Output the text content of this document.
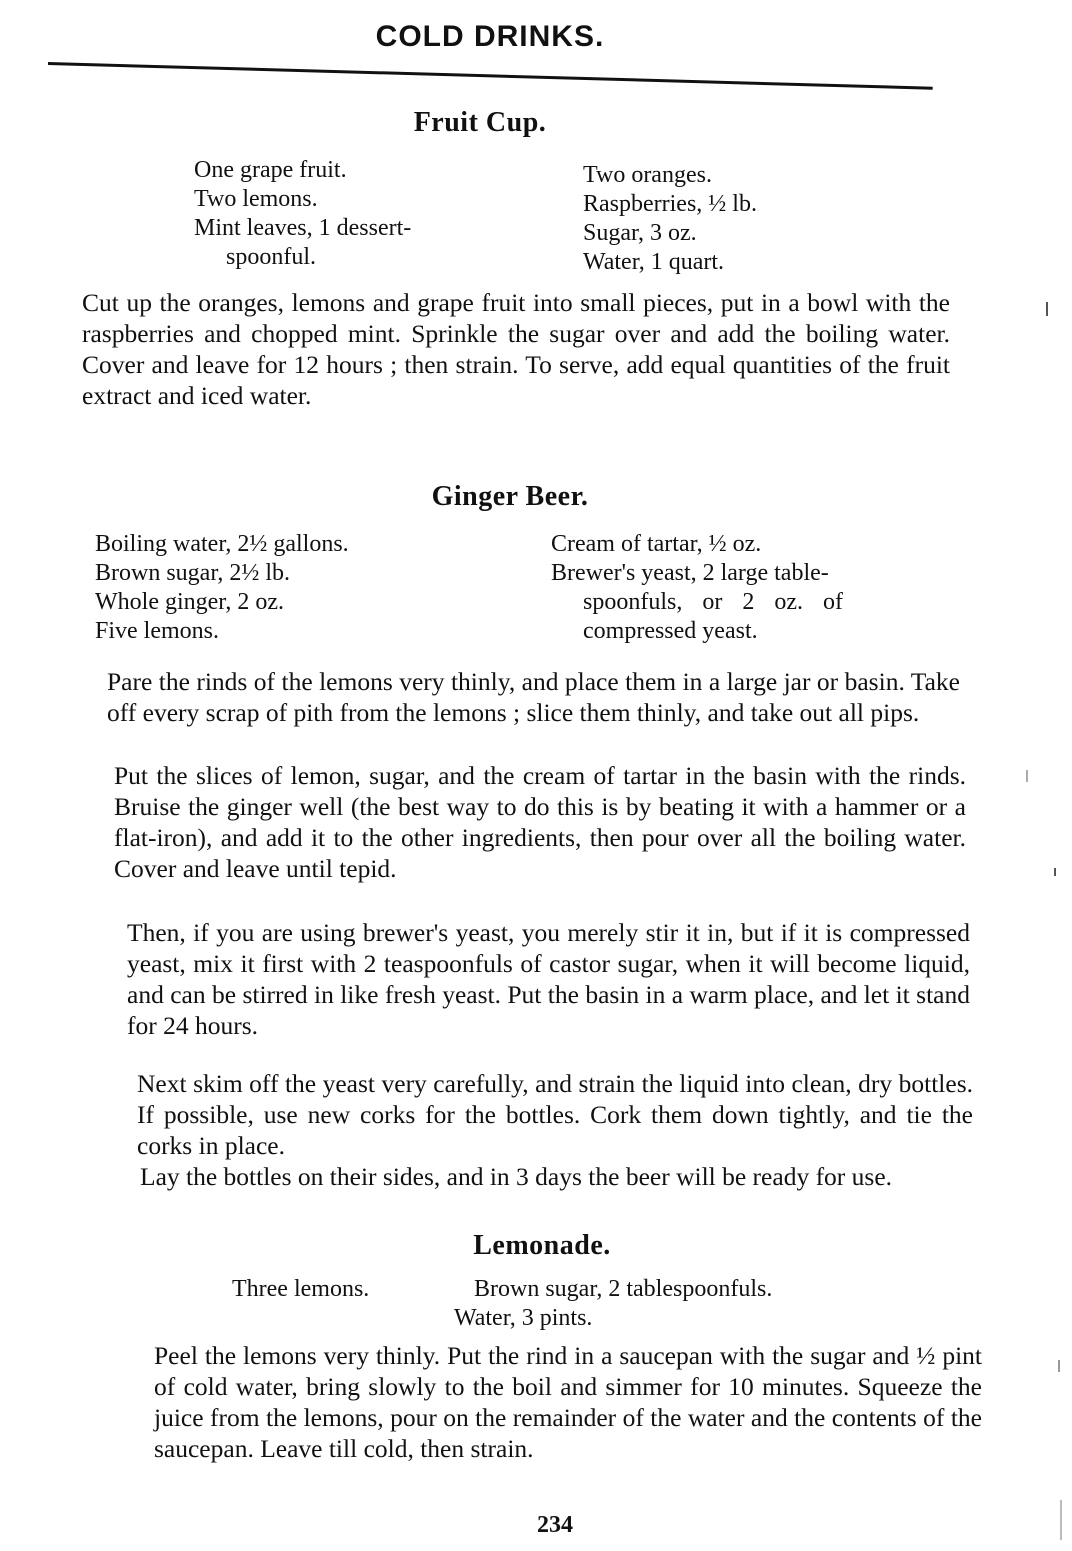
COLD DRINKS.
Fruit Cup.
One grape fruit.
Two lemons.
Mint leaves, 1 dessert-
spoonful.
Two oranges.
Raspberries, ½ lb.
Sugar, 3 oz.
Water, 1 quart.
Cut up the oranges, lemons and grape fruit into small pieces, put in a bowl with the raspberries and chopped mint. Sprinkle the sugar over and add the boiling water. Cover and leave for 12 hours ; then strain. To serve, add equal quantities of the fruit extract and iced water.
Ginger Beer.
Boiling water, 2½ gallons.
Brown sugar, 2½ lb.
Whole ginger, 2 oz.
Five lemons.
Cream of tartar, ½ oz.
Brewer's yeast, 2 large table-
spoonfuls, or 2 oz. of
compressed yeast.
Pare the rinds of the lemons very thinly, and place them in a large jar or basin. Take off every scrap of pith from the lemons ; slice them thinly, and take out all pips.
Put the slices of lemon, sugar, and the cream of tartar in the basin with the rinds. Bruise the ginger well (the best way to do this is by beating it with a hammer or a flat-iron), and add it to the other ingredients, then pour over all the boiling water. Cover and leave until tepid.
Then, if you are using brewer's yeast, you merely stir it in, but if it is compressed yeast, mix it first with 2 teaspoonfuls of castor sugar, when it will become liquid, and can be stirred in like fresh yeast. Put the basin in a warm place, and let it stand for 24 hours.
Next skim off the yeast very carefully, and strain the liquid into clean, dry bottles. If possible, use new corks for the bottles. Cork them down tightly, and tie the corks in place.
Lay the bottles on their sides, and in 3 days the beer will be ready for use.
Lemonade.
Three lemons.	Brown sugar, 2 tablespoonfuls.
Water, 3 pints.
Peel the lemons very thinly. Put the rind in a saucepan with the sugar and ½ pint of cold water, bring slowly to the boil and simmer for 10 minutes. Squeeze the juice from the lemons, pour on the remainder of the water and the contents of the saucepan. Leave till cold, then strain.
234
